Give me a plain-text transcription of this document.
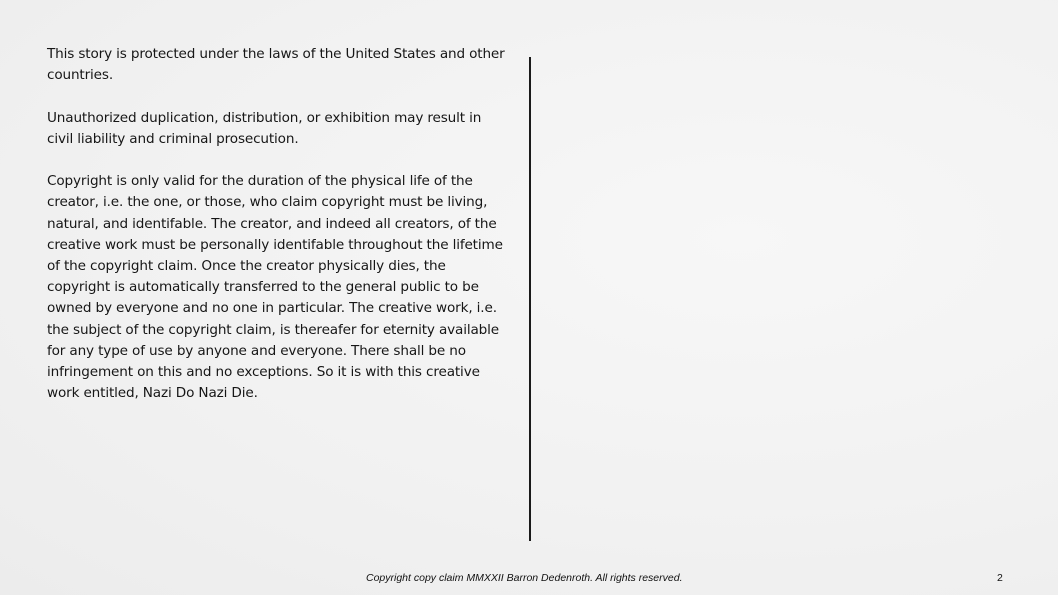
This story is protected under the laws of the United States and other countries.

Unauthorized duplication, distribution, or exhibition may result in civil liability and criminal prosecution.

Copyright is only valid for the duration of the physical life of the creator, i.e. the one, or those, who claim copyright must be living, natural, and identifable. The creator, and indeed all creators, of the creative work must be personally identifable throughout the lifetime of the copyright claim. Once the creator physically dies, the copyright is automatically transferred to the general public to be owned by everyone and no one in particular. The creative work, i.e. the subject of the copyright claim, is thereafer for eternity available for any type of use by anyone and everyone. There shall be no infringement on this and no exceptions. So it is with this creative work entitled, Nazi Do Nazi Die.

Copyright copy claim MMXXII Barron Dedenroth. All rights reserved.	2
